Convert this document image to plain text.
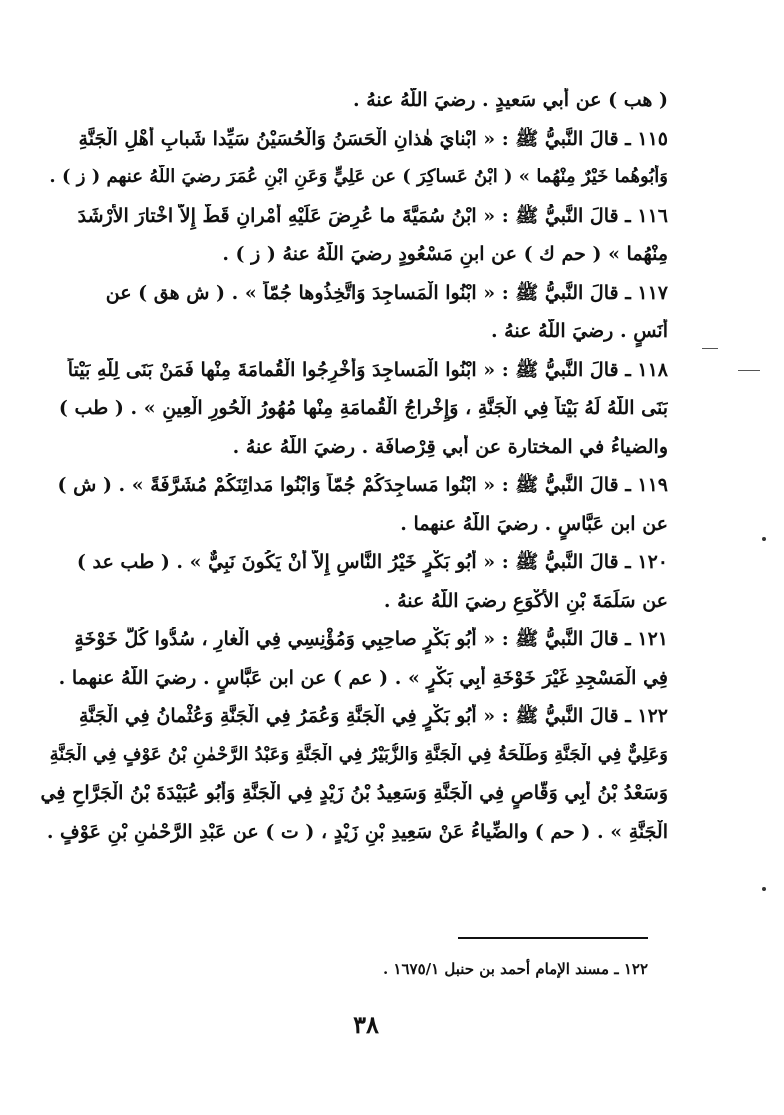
( هب ) عن أبي سَعيدٍ . رضيَ اللَّهُ عنهُ .
١١٥ ـ قالَ النَّبيُّ ﷺ : « ابْنايَ هٰذانِ الْحَسَنُ وَالْحُسَيْنُ سَيِّدا شَبابِ أَهْلِ الْجَنَّةِ
وَأَبُوهُما خَيْرٌ مِنْهُما » ( ابْنُ عَساكِرَ ) عن عَلِيٍّ وَعَنِ ابْنِ عُمَرَ رضيَ اللَّهُ عنهم ( ز ) .
١١٦ ـ قالَ النَّبيُّ ﷺ : « ابْنُ سُمَيَّةَ ما عُرِضَ عَلَيْهِ أَمْرانِ قَطُّ إِلاَّ اخْتارَ الأَرْشَدَ
مِنْهُما » ( حم ك ) عن ابنِ مَسْعُودٍ رضيَ اللَّهُ عنهُ ( ز ) .
١١٧ ـ قالَ النَّبيُّ ﷺ : « ابْنُوا الْمَساجِدَ وَاتَّخِذُوها جُمّاً » . ( ش هق ) عن
أَنَسٍ . رضيَ اللَّهُ عنهُ .
١١٨ ـ قالَ النَّبيُّ ﷺ : « ابْنُوا الْمَساجِدَ وَأَخْرِجُوا الْقُمامَةَ مِنْها فَمَنْ بَنَى لِلَّهِ بَيْتاً
بَنَى اللَّهُ لَهُ بَيْتاً فِي الْجَنَّةِ ، وَإِخْراجُ الْقُمامَةِ مِنْها مُهُورُ الْحُورِ الْعِينِ » . ( طب )
والضياءُ في المختارة عن أبي قِرْصافَة . رضيَ اللَّهُ عنهُ .
١١٩ ـ قالَ النَّبيُّ ﷺ : « ابْنُوا مَساجِدَكُمْ جُمّاً وَابْنُوا مَدائِنَكُمْ مُشَرَّفَةً » . ( ش )
عن ابن عَبَّاسٍ . رضيَ اللَّهُ عنهما .
١٢٠ ـ قالَ النَّبيُّ ﷺ : « أَبُو بَكْرٍ خَيْرُ النَّاسِ إِلاَّ أَنْ يَكُونَ نَبِيٌّ » . ( طب عد )
عن سَلَمَةَ بْنِ الأَكْوَعِ رضيَ اللَّهُ عنهُ .
١٢١ ـ قالَ النَّبيُّ ﷺ : « أَبُو بَكْرٍ صاحِبِي وَمُؤْنِسِي فِي الْغارِ ، سُدُّوا كُلَّ خَوْخَةٍ
فِي الْمَسْجِدِ غَيْرَ خَوْخَةِ أَبِي بَكْرٍ » . ( عم ) عن ابن عَبَّاسٍ . رضيَ اللَّهُ عنهما .
١٢٢ ـ قالَ النَّبيُّ ﷺ : « أَبُو بَكْرٍ فِي الْجَنَّةِ وَعُمَرُ فِي الْجَنَّةِ وَعُثْمانُ فِي الْجَنَّةِ
وَعَلِيٌّ فِي الْجَنَّةِ وَطَلْحَةُ فِي الْجَنَّةِ وَالزُّبَيْرُ فِي الْجَنَّةِ وَعَبْدُ الرَّحْمٰنِ بْنُ عَوْفٍ فِي الْجَنَّةِ
وَسَعْدُ بْنُ أَبِي وَقَّاصٍ فِي الْجَنَّةِ وَسَعِيدُ بْنُ زَيْدٍ فِي الْجَنَّةِ وَأَبُو عُبَيْدَةَ بْنُ الْجَرَّاحِ فِي
الْجَنَّةِ » . ( حم ) والضِّياءُ عَنْ سَعِيدِ بْنِ زَيْدٍ ، ( ت ) عن عَبْدِ الرَّحْمٰنِ بْنِ عَوْفٍ .
١٢٢ ـ مسند الإمام أحمد بن حنبل ١٦٧٥/١ .
٣٨
